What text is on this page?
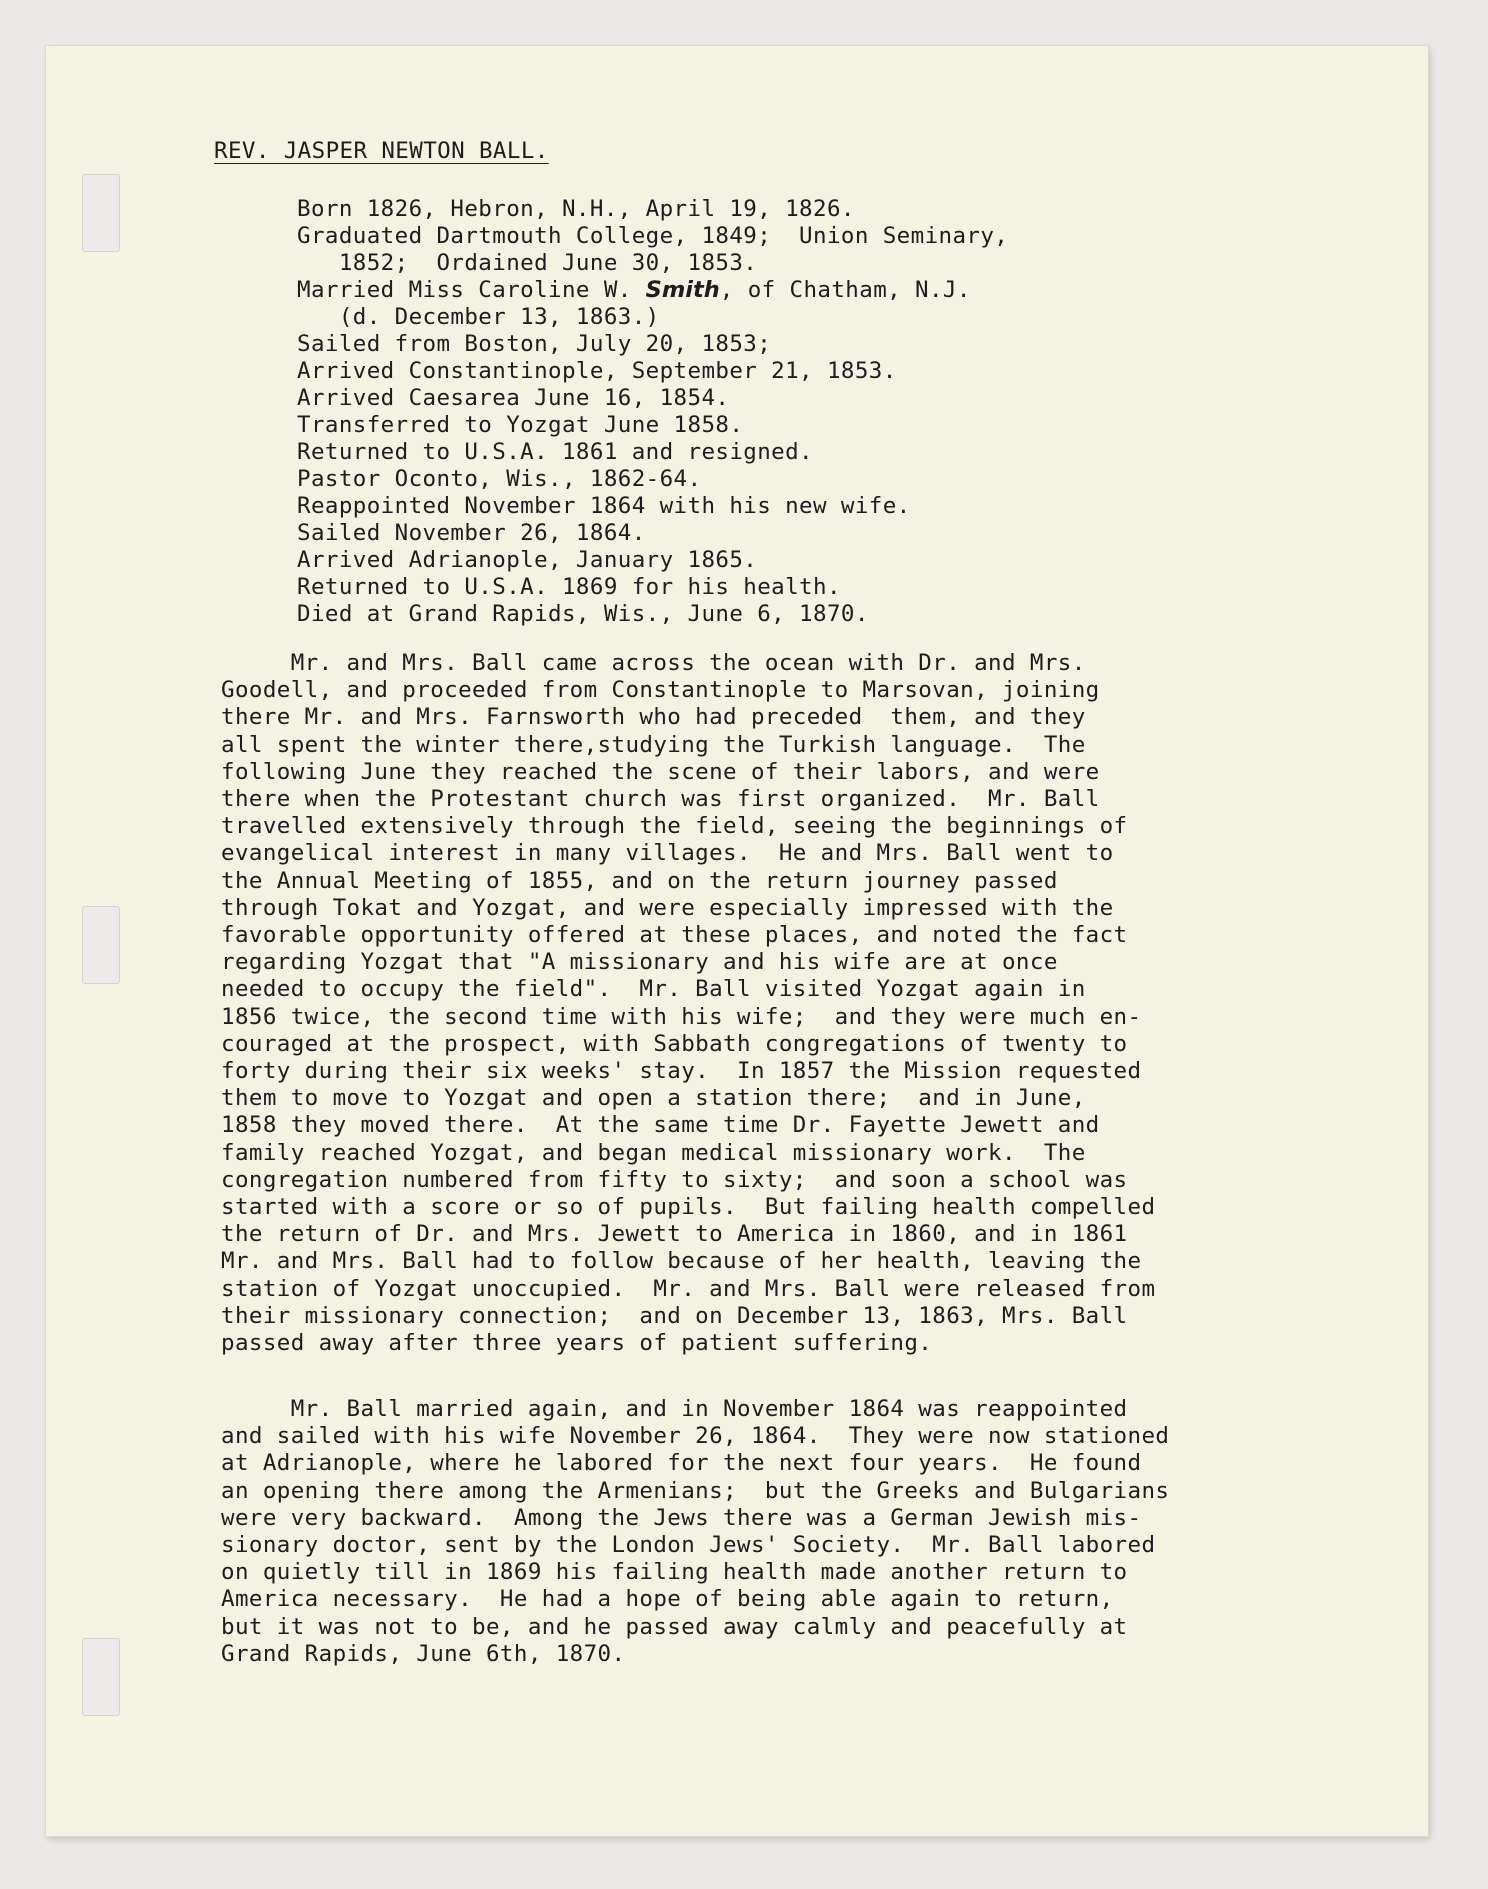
REV. JASPER NEWTON BALL.
Born 1826, Hebron, N.H., April 19, 1826.
Graduated Dartmouth College, 1849;  Union Seminary,
1852;  Ordained June 30, 1853.
Married Miss Caroline W. Smith, of Chatham, N.J.
(d. December 13, 1863.)
Sailed from Boston, July 20, 1853;
Arrived Constantinople, September 21, 1853.
Arrived Caesarea June 16, 1854.
Transferred to Yozgat June 1858.
Returned to U.S.A. 1861 and resigned.
Pastor Oconto, Wis., 1862-64.
Reappointed November 1864 with his new wife.
Sailed November 26, 1864.
Arrived Adrianople, January 1865.
Returned to U.S.A. 1869 for his health.
Died at Grand Rapids, Wis., June 6, 1870.

Mr. and Mrs. Ball came across the ocean with Dr. and Mrs.
Goodell, and proceeded from Constantinople to Marsovan, joining
there Mr. and Mrs. Farnsworth who had preceded  them, and they
all spent the winter there,studying the Turkish language.  The
following June they reached the scene of their labors, and were
there when the Protestant church was first organized.  Mr. Ball
travelled extensively through the field, seeing the beginnings of
evangelical interest in many villages.  He and Mrs. Ball went to
the Annual Meeting of 1855, and on the return journey passed
through Tokat and Yozgat, and were especially impressed with the
favorable opportunity offered at these places, and noted the fact
regarding Yozgat that "A missionary and his wife are at once
needed to occupy the field".  Mr. Ball visited Yozgat again in
1856 twice, the second time with his wife;  and they were much en-
couraged at the prospect, with Sabbath congregations of twenty to
forty during their six weeks' stay.  In 1857 the Mission requested
them to move to Yozgat and open a station there;  and in June,
1858 they moved there.  At the same time Dr. Fayette Jewett and
family reached Yozgat, and began medical missionary work.  The
congregation numbered from fifty to sixty;  and soon a school was
started with a score or so of pupils.  But failing health compelled
the return of Dr. and Mrs. Jewett to America in 1860, and in 1861
Mr. and Mrs. Ball had to follow because of her health, leaving the
station of Yozgat unoccupied.  Mr. and Mrs. Ball were released from
their missionary connection;  and on December 13, 1863, Mrs. Ball
passed away after three years of patient suffering.

Mr. Ball married again, and in November 1864 was reappointed
and sailed with his wife November 26, 1864.  They were now stationed
at Adrianople, where he labored for the next four years.  He found
an opening there among the Armenians;  but the Greeks and Bulgarians
were very backward.  Among the Jews there was a German Jewish mis-
sionary doctor, sent by the London Jews' Society.  Mr. Ball labored
on quietly till in 1869 his failing health made another return to
America necessary.  He had a hope of being able again to return,
but it was not to be, and he passed away calmly and peacefully at
Grand Rapids, June 6th, 1870.
